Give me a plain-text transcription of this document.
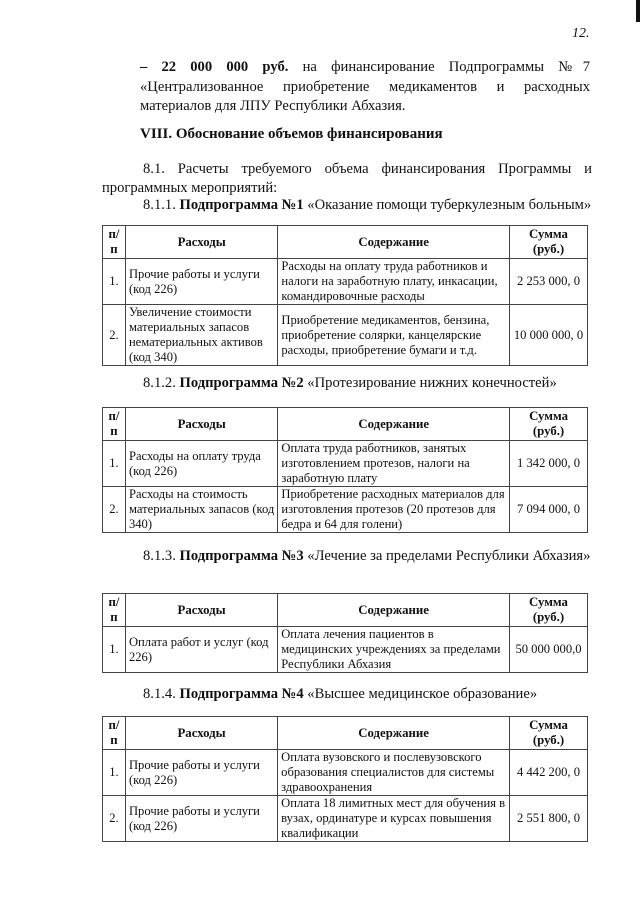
12.
– 22 000 000 руб. на финансирование Подпрограммы №7 «Централизованное приобретение медикаментов и расходных материалов для ЛПУ Республики Абхазия.
VIII. Обоснование объемов финансирования
8.1. Расчеты требуемого объема финансирования Программы и программных мероприятий:
8.1.1. Подпрограмма №1 «Оказание помощи туберкулезным больным»
п/п	Расходы	Содержание	Сумма (руб.)
1.	Прочие работы и услуги (код 226)	Расходы на оплату труда работников и налоги на заработную плату, инкасации, командировочные расходы	2 253 000, 0
2.	Увеличение стоимости материальных запасов нематериальных активов (код 340)	Приобретение медикаментов, бензина, приобретение солярки, канцелярские расходы, приобретение бумаги и т.д.	10 000 000, 0
8.1.2. Подпрограмма №2 «Протезирование нижних конечностей»
п/п	Расходы	Содержание	Сумма (руб.)
1.	Расходы на оплату труда (код 226)	Оплата труда работников, занятых изготовлением протезов, налоги на заработную плату	1 342 000, 0
2.	Расходы на стоимость материальных запасов (код 340)	Приобретение расходных материалов для изготовления протезов (20 протезов для бедра и 64 для голени)	7 094 000, 0
8.1.3. Подпрограмма №3 «Лечение за пределами Республики Абхазия»
п/п	Расходы	Содержание	Сумма (руб.)
1.	Оплата работ и услуг (код 226)	Оплата лечения пациентов в медицинских учреждениях за пределами Республики Абхазия	50 000 000,0
8.1.4. Подпрограмма №4 «Высшее медицинское образование»
п/п	Расходы	Содержание	Сумма (руб.)
1.	Прочие работы и услуги (код 226)	Оплата вузовского и послевузовского образования специалистов для системы здравоохранения	4 442 200, 0
2.	Прочие работы и услуги (код 226)	Оплата 18 лимитных мест для обучения в вузах, ординатуре и курсах повышения квалификации	2 551 800, 0
